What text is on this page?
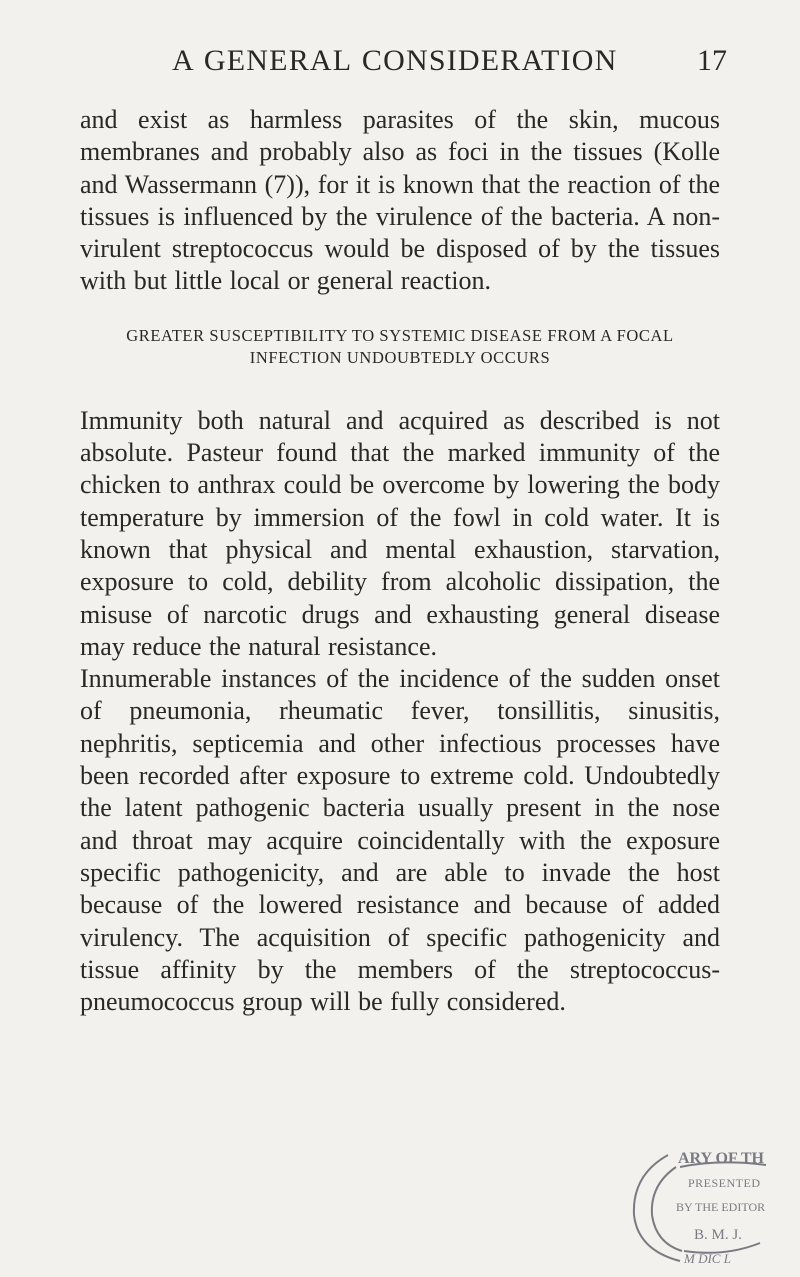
A GENERAL CONSIDERATION	17

and exist as harmless parasites of the skin, mucous membranes and probably also as foci in the tissues (Kolle and Wassermann (7)), for it is known that the reaction of the tissues is influenced by the virulence of the bacteria. A non-virulent streptococcus would be disposed of by the tissues with but little local or general reaction.

GREATER SUSCEPTIBILITY TO SYSTEMIC DISEASE FROM A FOCAL INFECTION UNDOUBTEDLY OCCURS

Immunity both natural and acquired as described is not absolute. Pasteur found that the marked immunity of the chicken to anthrax could be overcome by lowering the body temperature by immersion of the fowl in cold water. It is known that physical and mental exhaustion, starvation, exposure to cold, debility from alcoholic dissipation, the misuse of narcotic drugs and exhausting general disease may reduce the natural resistance.

Innumerable instances of the incidence of the sudden onset of pneumonia, rheumatic fever, tonsillitis, sinusitis, nephritis, septicemia and other infectious processes have been recorded after exposure to extreme cold. Undoubtedly the latent pathogenic bacteria usually present in the nose and throat may acquire coincidentally with the exposure specific pathogenicity, and are able to invade the host because of the lowered resistance and because of added virulency. The acquisition of specific pathogenicity and tissue affinity by the members of the streptococcus-pneumococcus group will be fully considered.

ARY OF TH
PRESENTED
BY THE EDITOR
B. M. J.
M DIC L
